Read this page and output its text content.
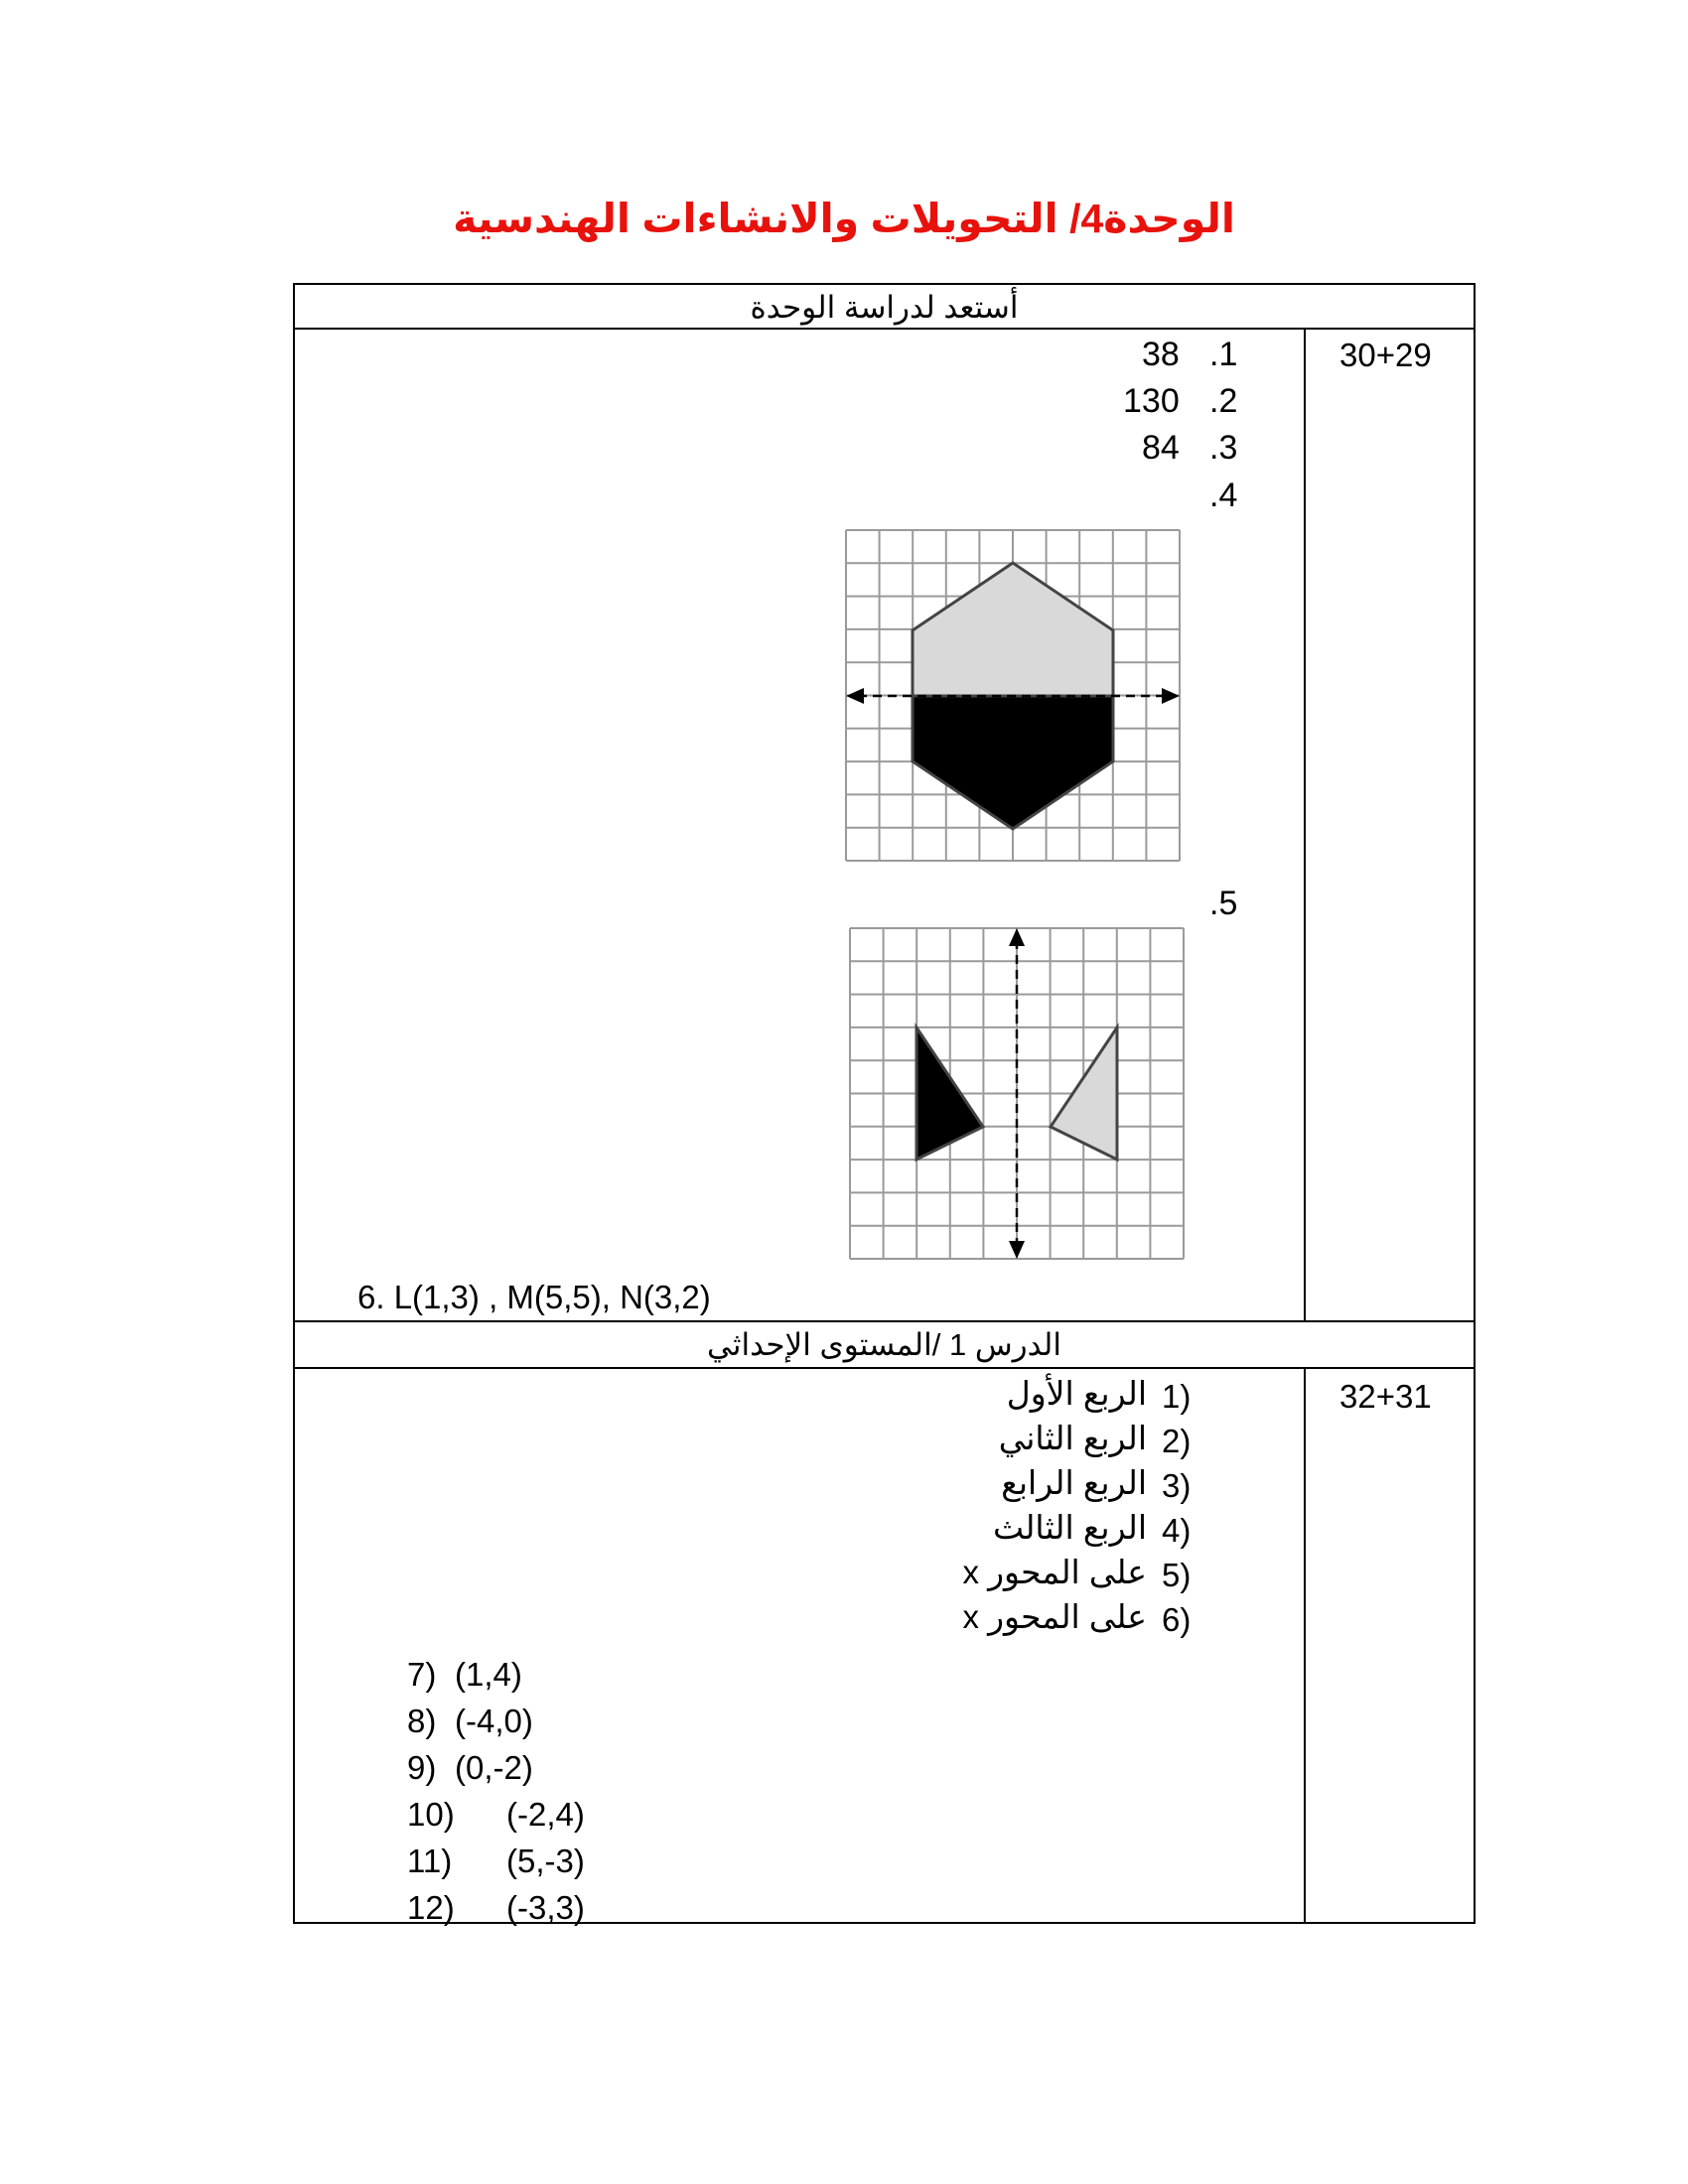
الوحدة4/ التحويلات والانشاءات الهندسية
أستعد لدراسة الوحدة
30+29
.1
38
.2
130
.3
84
.4
.5
6. L(1,3) , M(5,5), N(3,2)
الدرس 1 /المستوى الإحداثي
32+31
1)
الربع الأول
2)
الربع الثاني
3)
الربع الرابع
4)
الربع الثالث
5)
على المحور x
6)
على المحور x
7) (1,4)
8) (-4,0)
9) (0,-2)
10) (-2,4)
11) (5,-3)
12) (-3,3)
